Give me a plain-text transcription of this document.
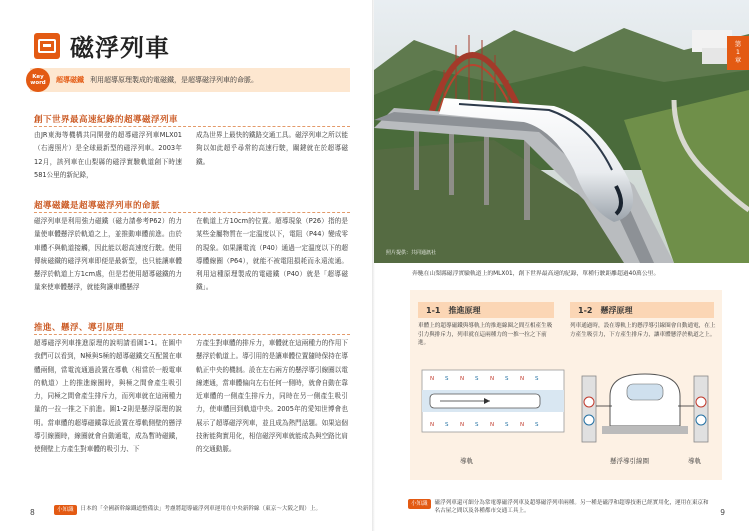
磁浮列車
Key
word 超導磁鐵 利用超導原理製成的電磁鐵，是超導磁浮列車的命脈。
創下世界最高速紀錄的超導磁浮列車
由JR東海等機構共同開發的超導磁浮列車MLX01（右邊照片）是全球最新型的磁浮列車。2003年12月，該列車在山梨縣的磁浮實驗軌道創下時速581公里的新紀錄，
成為世界上最快的鐵路交通工具。磁浮列車之所以能夠以如此超乎尋常的高速行駛，關鍵就在於超導磁鐵。
超導磁鐵是超導磁浮列車的命脈
磁浮列車是利用強力磁鐵（磁力請參考P62）的力量使車體懸浮於軌道之上，並推動車體前進。由於車體不與軌道接觸，因此能以超高速度行駛。使用傳統磁鐵的磁浮列車即便是最新型，也只能讓車體懸浮於軌道上方1cm處，但是若使用超導磁鐵的力量來使車體懸浮，就能夠讓車體懸浮
在軌道上方10cm的位置。超導現象（P26）指的是某些金屬物質在一定溫度以下，電阻（P44）變成零的現象。如果讓電流（P40）通過一定溫度以下的超導體線圈（P64），就能不被電阻損耗而永遠流通。利用這種原理製成的電磁鐵（P40）就是「超導磁鐵」。
推進、懸浮、導引原理
超導磁浮列車推進原理的說明請看圖1-1。在圖中我們可以看到，N極與S極的超導磁鐵交互配置在車體兩側，當電流通過設置在導軌（相當於一般電車的軌道）上的推進線圈時，與極之間會產生吸引力，同極之間會產生排斥力，而列車就在這兩種力量的一拉一推之下前進。圖1-2則是懸浮原理的說明。當車體的超導磁鐵靠近設置在導軌側壁的懸浮導引線圈時，線圈就會自動通電，成為暫時磁鐵，使側壁上方產生對車體的吸引力、下
方產生對車體的排斥力，車體就在這兩種力的作用下懸浮於軌道上。導引用的是讓車體位置隨時保持在導軌正中央的機制。設在左右兩方的懸浮導引線圈以電線連通，當車體偏向左右任何一側時，就會自動在靠近車體的一側產生排斥力，同時在另一側產生吸引力，使車體回到軌道中央。2005年的愛知世博會也展示了超導磁浮列車，並且成為熱門話題。如果這個技術能夠實用化，相信磁浮列車就能成為與空路比肩的交通動脈。
小知識	日本的「全國新幹線鐵道整備法」考慮將超導磁浮列車運用在中央新幹線（東京～大阪之間）上。
8
照片提供：共同通訊社
第
1
章
奔馳在山梨縣磁浮實驗軌道上的MLX01，創下世界最高速的紀錄，單種行駛距離超過40萬公里。
1-1　推進原理
車體上的超導磁鐵與導軌上的推進線圈之間互相產生吸引力與排斥力，列車就在這兩種力的一推一拉之下前進。
1-2　懸浮原理
列車通過時，設在導軌上的懸浮導引線圈會自動通電，在上方產生吸引力，下方產生排斥力，讓車體懸浮於軌道之上。
N	N	N	N
N	N	N	N
S	S	S	S
S	S	S	S
導軌	懸浮導引線圈	導軌
小知識	磁浮列車還可細分為常電導磁浮列車及超導磁浮列車兩種。另一種是磁浮和超導技術已經實用化，運用在東京和名古屋之間以及各種都市交通工具上。	9
